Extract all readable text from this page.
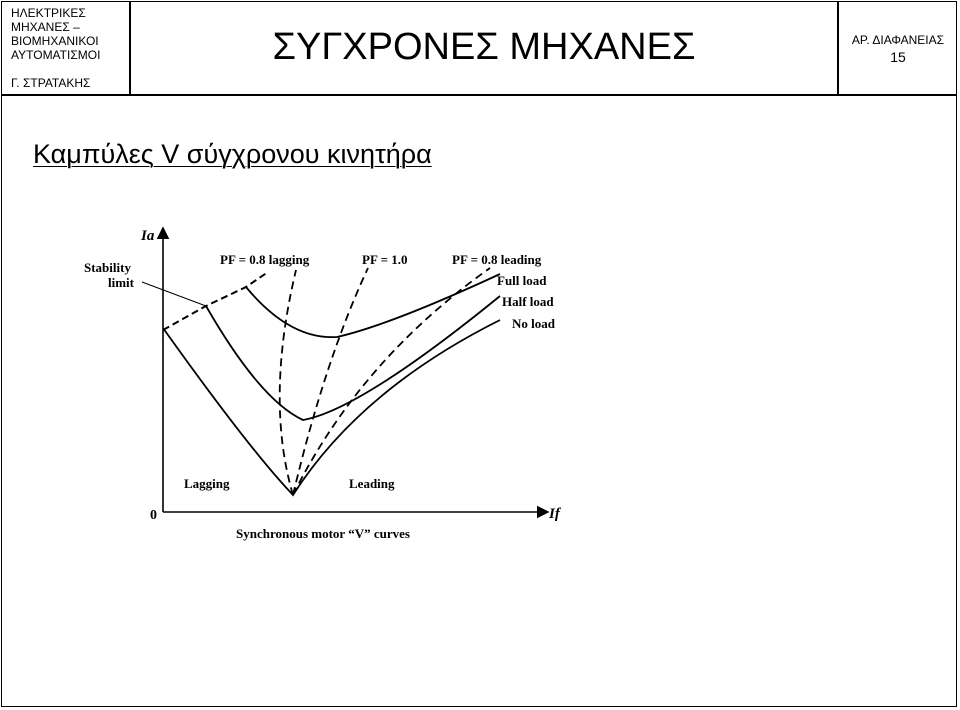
ΗΛΕΚΤΡΙΚΕΣ
ΜΗΧΑΝΕΣ –
ΒΙΟΜΗΧΑΝΙΚΟΙ
ΑΥΤΟΜΑΤΙΣΜΟΙ
Γ. ΣΤΡΑΤΑΚΗΣ
ΣΥΓΧΡΟΝΕΣ ΜΗΧΑΝΕΣ	ΑΡ. ΔΙΑΦΑΝΕΙΑΣ
15
Καμπύλες V σύγχρονου κινητήρα
Ia
If
0
Stability
limit
PF = 0.8 lagging	PF = 1.0	PF = 0.8 leading
Full load
Half load
No load
Lagging	Leading
Synchronous motor “V” curves
